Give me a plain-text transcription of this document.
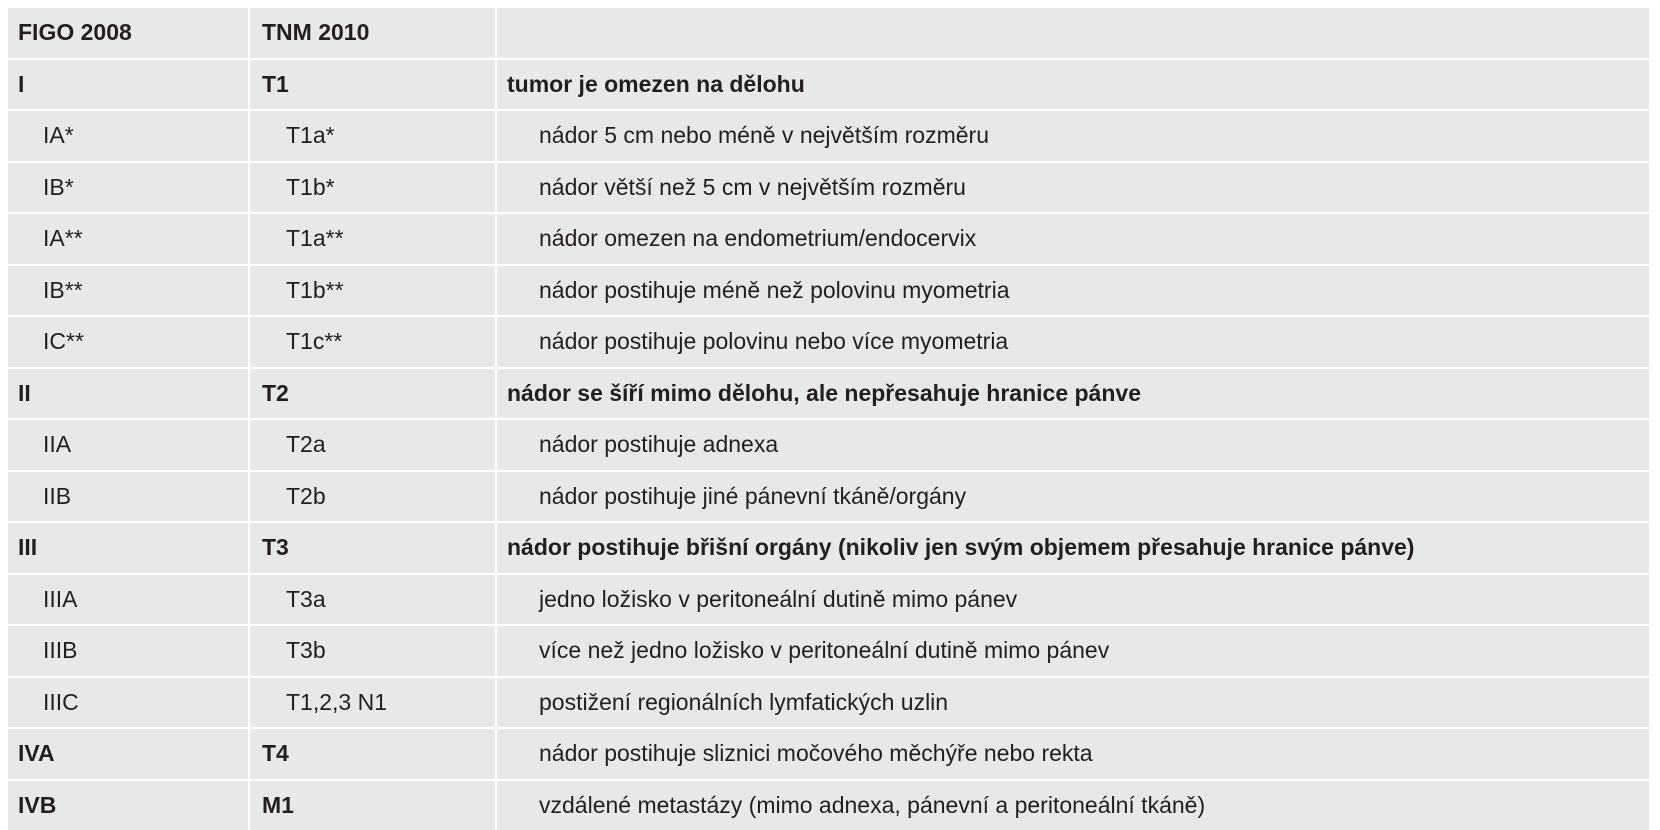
FIGO 2008	TNM 2010	
I	T1	tumor je omezen na dělohu
IA*	T1a*	nádor 5 cm nebo méně v největším rozměru
IB*	T1b*	nádor větší než 5 cm v největším rozměru
IA**	T1a**	nádor omezen na endometrium/endocervix
IB**	T1b**	nádor postihuje méně než polovinu myometria
IC**	T1c**	nádor postihuje polovinu nebo více myometria
II	T2	nádor se šíří mimo dělohu, ale nepřesahuje hranice pánve
IIA	T2a	nádor postihuje adnexa
IIB	T2b	nádor postihuje jiné pánevní tkáně/orgány
III	T3	nádor postihuje břišní orgány (nikoliv jen svým objemem přesahuje hranice pánve)
IIIA	T3a	jedno ložisko v peritoneální dutině mimo pánev
IIIB	T3b	více než jedno ložisko v peritoneální dutině mimo pánev
IIIC	T1,2,3 N1	postižení regionálních lymfatických uzlin
IVA	T4	nádor postihuje sliznici močového měchýře nebo rekta
IVB	M1	vzdálené metastázy (mimo adnexa, pánevní a peritoneální tkáně)
